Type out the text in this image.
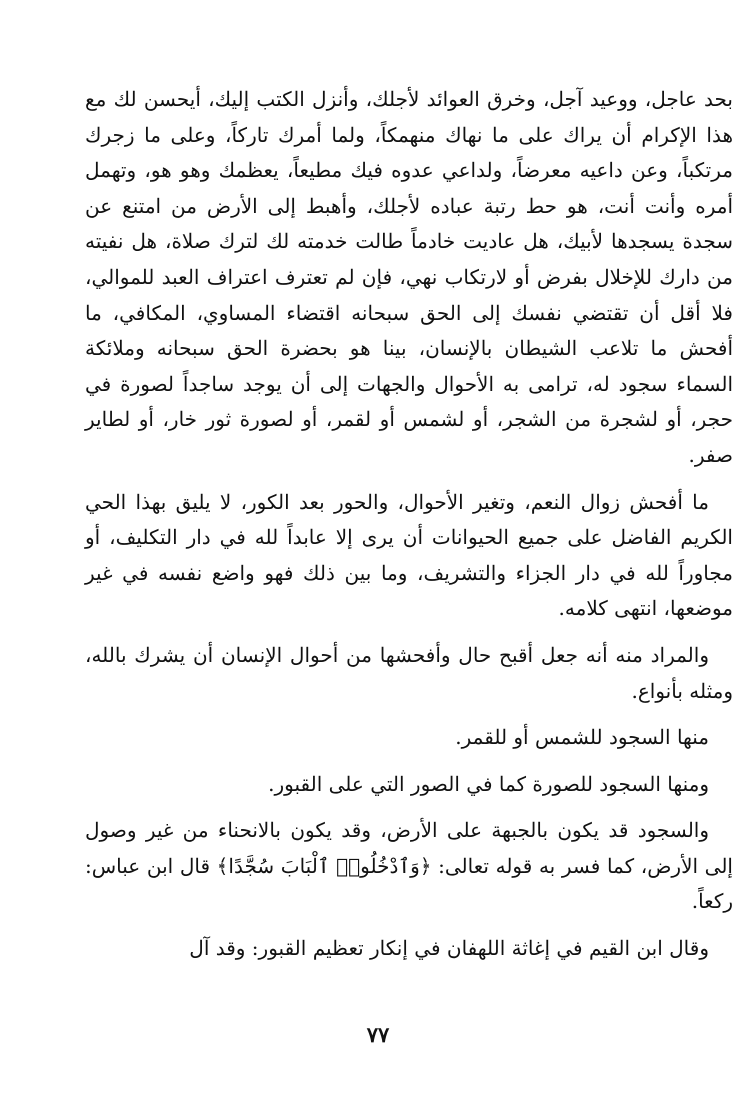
بحد عاجل، ووعيد آجل، وخرق العوائد لأجلك، وأنزل الكتب إليك، أيحسن لك مع هذا الإكرام أن يراك على ما نهاك منهمكاً، ولما أمرك تاركاً، وعلى ما زجرك مرتكباً، وعن داعيه معرضاً، ولداعي عدوه فيك مطيعاً، يعظمك وهو هو، وتهمل أمره وأنت أنت، هو حط رتبة عباده لأجلك، وأهبط إلى الأرض من امتنع عن سجدة يسجدها لأبيك، هل عاديت خادماً طالت خدمته لك لترك صلاة، هل نفيته من دارك للإخلال بفرض أو لارتكاب نهي، فإن لم تعترف اعتراف العبد للموالي، فلا أقل أن تقتضي نفسك إلى الحق سبحانه اقتضاء المساوي، المكافي، ما أفحش ما تلاعب الشيطان بالإنسان، بينا هو بحضرة الحق سبحانه وملائكة السماء سجود له، ترامى به الأحوال والجهات إلى أن يوجد ساجداً لصورة في حجر، أو لشجرة من الشجر، أو لشمس أو لقمر، أو لصورة ثور خار، أو لطاير صفر.

ما أفحش زوال النعم، وتغير الأحوال، والحور بعد الكور، لا يليق بهذا الحي الكريم الفاضل على جميع الحيوانات أن يرى إلا عابداً لله في دار التكليف، أو مجاوراً لله في دار الجزاء والتشريف، وما بين ذلك فهو واضع نفسه في غير موضعها، انتهى كلامه.

والمراد منه أنه جعل أقبح حال وأفحشها من أحوال الإنسان أن يشرك بالله، ومثله بأنواع.

منها السجود للشمس أو للقمر.

ومنها السجود للصورة كما في الصور التي على القبور.

والسجود قد يكون بالجبهة على الأرض، وقد يكون بالانحناء من غير وصول إلى الأرض، كما فسر به قوله تعالى: ﴿وَٱدْخُلُوا۟ ٱلْبَابَ سُجَّدًا﴾ قال ابن عباس: ركعاً.

وقال ابن القيم في إغاثة اللهفان في إنكار تعظيم القبور: وقد آل

٧٧
